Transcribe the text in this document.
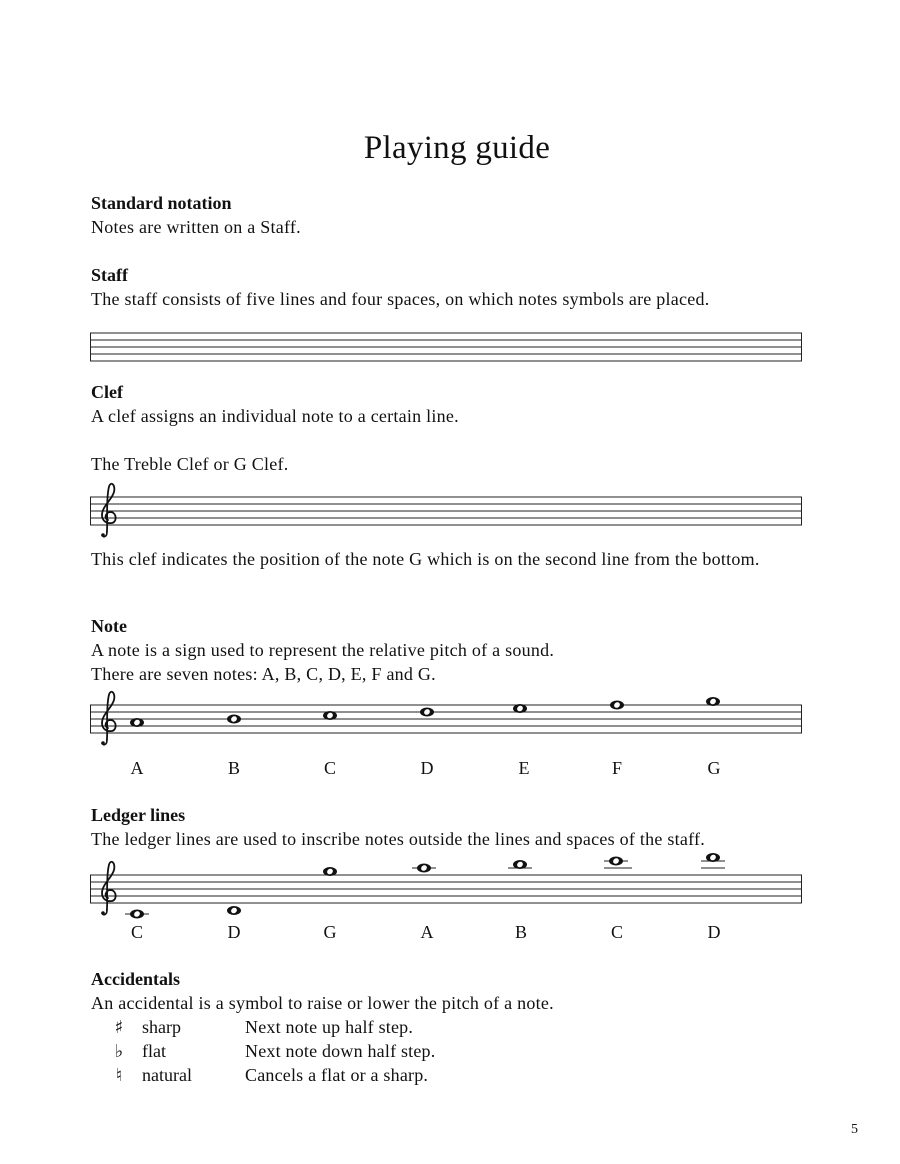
Playing guide
Standard notation
Notes are written on a Staff.
Staff
The staff consists of five lines and four spaces, on which notes symbols are placed.
Clef
A clef assigns an individual note to a certain line.
The Treble Clef or G Clef.
This clef indicates the position of the note G which is on the second line from the bottom.
Note
A note is a sign used to represent the relative pitch of a sound.
There are seven notes: A, B, C, D, E, F and G.
A	B	C	D	E	F	G
Ledger lines
The ledger lines are used to inscribe notes outside the lines and spaces of the staff.
C	D	G	A	B	C	D
Accidentals
An accidental is a symbol to raise or lower the pitch of a note.
♯ sharp	Next note up half step.
♭ flat	Next note down half step.
♮ natural	Cancels a flat or a sharp.
5
